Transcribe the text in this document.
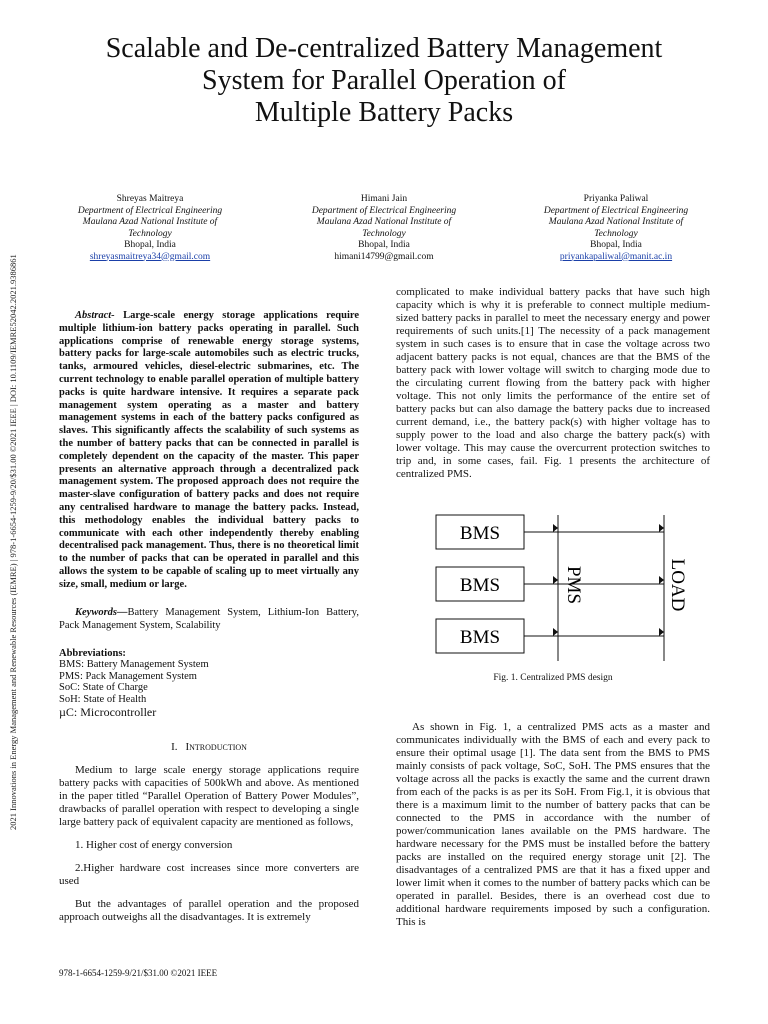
2021 Innovations in Energy Management and Renewable Resources (IEMRE) | 978-1-6654-1259-9/20/$31.00 ©2021 IEEE | DOI: 10.1109/IEMRE52042.2021.9386861
Scalable and De-centralized Battery Management
System for Parallel Operation of
Multiple Battery Packs
Shreyas Maitreya
Department of Electrical Engineering
Maulana Azad National Institute of
Technology
Bhopal, India
shreyasmaitreya34@gmail.com
Himani Jain
Department of Electrical Engineering
Maulana Azad National Institute of
Technology
Bhopal, India
himani14799@gmail.com
Priyanka Paliwal
Department of Electrical Engineering
Maulana Azad National Institute of
Technology
Bhopal, India
priyankapaliwal@manit.ac.in

Abstract- Large-scale energy storage applications require multiple lithium-ion battery packs operating in parallel. Such applications comprise of renewable energy storage systems, battery packs for large-scale automobiles such as electric trucks, tanks, armoured vehicles, diesel-electric submarines, etc. The current technology to enable parallel operation of multiple battery packs is quite hardware intensive. It requires a separate pack management system operating as a master and battery management systems in each of the battery packs configured as slaves. This significantly affects the scalability of such systems as the number of battery packs that can be connected in parallel is completely dependent on the capacity of the master. This paper presents an alternative approach through a decentralized pack management system. The proposed approach does not require the master-slave configuration of battery packs and does not require any centralised hardware to manage the battery packs. Instead, this methodology enables the individual battery packs to communicate with each other independently thereby enabling decentralised pack management. Thus, there is no theoretical limit to the number of packs that can be operated in parallel and this allows the system to be capable of scaling up to meet virtually any size, small, medium or large.

Keywords—Battery Management System, Lithium-Ion Battery, Pack Management System, Scalability

Abbreviations:
BMS: Battery Management System
PMS: Pack Management System
SoC: State of Charge
SoH: State of Health
µC: Microcontroller
I. Introduction

Medium to large scale energy storage applications require battery packs with capacities of 500kWh and above. As mentioned in the paper titled “Parallel Operation of Battery Power Modules”, drawbacks of parallel operation with respect to developing a single large battery pack of equivalent capacity are mentioned as follows,

1. Higher cost of energy conversion

2.Higher hardware cost increases since more converters are used

But the advantages of parallel operation and the proposed approach outweighs all the disadvantages. It is extremely

complicated to make individual battery packs that have such high capacity which is why it is preferable to connect multiple medium-sized battery packs in parallel to meet the necessary energy and power requirements of such units.[1] The necessity of a pack management system in such cases is to ensure that in case the voltage across two adjacent battery packs is not equal, chances are that the BMS of the battery pack with lower voltage will switch to charging mode due to the circulating current flowing from the battery pack with higher voltage. This not only limits the performance of the entire set of battery packs but can also damage the battery packs due to increased current demand, i.e., the battery pack(s) with higher voltage has to supply power to the load and also charge the battery pack(s) with lower voltage. This may cause the overcurrent protection switches to trip and, in some cases, fail. Fig. 1 presents the architecture of centralized PMS.

BMS
BMS
BMS
PMS	LOAD
Fig. 1. Centralized PMS design

As shown in Fig. 1, a centralized PMS acts as a master and communicates individually with the BMS of each and every pack to ensure their optimal usage [1]. The data sent from the BMS to PMS mainly consists of pack voltage, SoC, SoH. The PMS ensures that the voltage across all the packs is exactly the same and the current drawn from each of the packs is as per its SoH. From Fig.1, it is obvious that there is a maximum limit to the number of battery packs that can be connected to the PMS in accordance with the number of power/communication lanes available on the PMS hardware. The hardware necessary for the PMS must be installed before the battery packs are installed on the required energy storage unit [2]. The disadvantages of a centralized PMS are that it has a fixed upper and lower limit when it comes to the number of battery packs which can be operated in parallel. Besides, there is an overhead cost due to additional hardware requirements imposed by such a configuration. This is

978-1-6654-1259-9/21/$31.00 ©2021 IEEE
